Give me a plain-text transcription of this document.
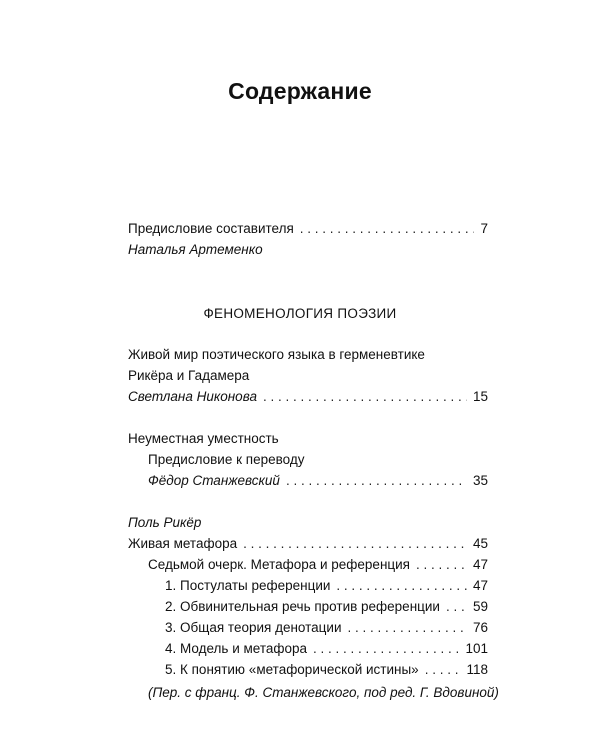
Содержание
Предисловие составителя . . .	7
Наталья Артеменко
ФЕНОМЕНОЛОГИЯ ПОЭЗИИ
Живой мир поэтического языка в герменевтике
Рикёра и Гадамера
Светлана Никонова . . .	15
Неуместная уместность
Предисловие к переводу
Фёдор Станжевский . . .	35
Поль Рикёр
Живая метафора . . .	45
Седьмой очерк. Метафора и референция . . .	47
1. Постулаты референции . . .	47
2. Обвинительная речь против референции . . . 59
3. Общая теория денотации . . .	76
4. Модель и метафора . . .	101
5. К понятию «метафорической истины» . . .	118
(Пер. с франц. Ф. Станжевского, под ред. Г. Вдовиной)
